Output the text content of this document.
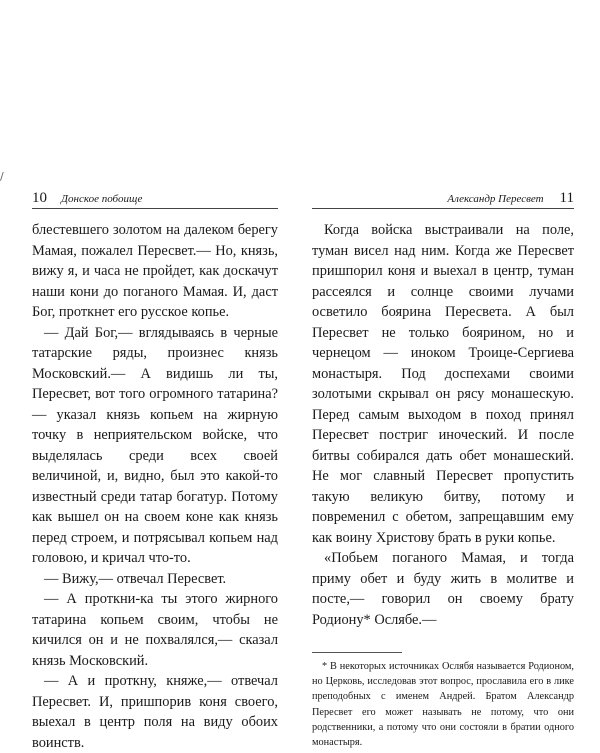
/
10 Донское побоище

блестевшего золотом на далеком берегу Мамая, пожалел Пересвет.— Но, князь, вижу я, и часа не пройдет, как доскачут наши кони до поганого Мамая. И, даст Бог, проткнет его русское копье.

— Дай Бог,— вглядываясь в черные татарские ряды, произнес князь Московский.— А видишь ли ты, Пересвет, вот того огромного татарина? — указал князь копьем на жирную точку в неприятельском войске, что выделялась среди всех своей величиной, и, видно, был это какой-то известный среди татар богатур. Потому как вышел он на своем коне как князь перед строем, и потрясывал копьем над головою, и кричал что-то.

— Вижу,— отвечал Пересвет.

— А проткни-ка ты этого жирного татарина копьем своим, чтобы не кичился он и не похвалялся,— сказал князь Московский.

— А и проткну, княже,— отвечал Пересвет. И, пришпорив коня своего, выехал в центр поля на виду обоих воинств.

Александр Пересвет 11

Когда войска выстраивали на поле, туман висел над ним. Когда же Пересвет пришпорил коня и выехал в центр, туман рассеялся и солнце своими лучами осветило боярина Пересвета. А был Пересвет не только боярином, но и чернецом — иноком Троице-Сергиева монастыря. Под доспехами своими золотыми скрывал он рясу монашескую. Перед самым выходом в поход принял Пересвет постриг иноческий. И после битвы собирался дать обет монашеский. Не мог славный Пересвет пропустить такую великую битву, потому и повременил с обетом, запрещавшим ему как воину Христову брать в руки копье.

«Побьем поганого Мамая, и тогда приму обет и буду жить в молитве и посте,— говорил он своему брату Родиону* Ослябе.—

* В некоторых источниках Ослябя называется Родионом, но Церковь, исследовав этот вопрос, прославила его в лике преподобных с именем Андрей. Братом Александр Пересвет его может называть не потому, что они родственники, а потому что они состояли в братии одного монастыря.
